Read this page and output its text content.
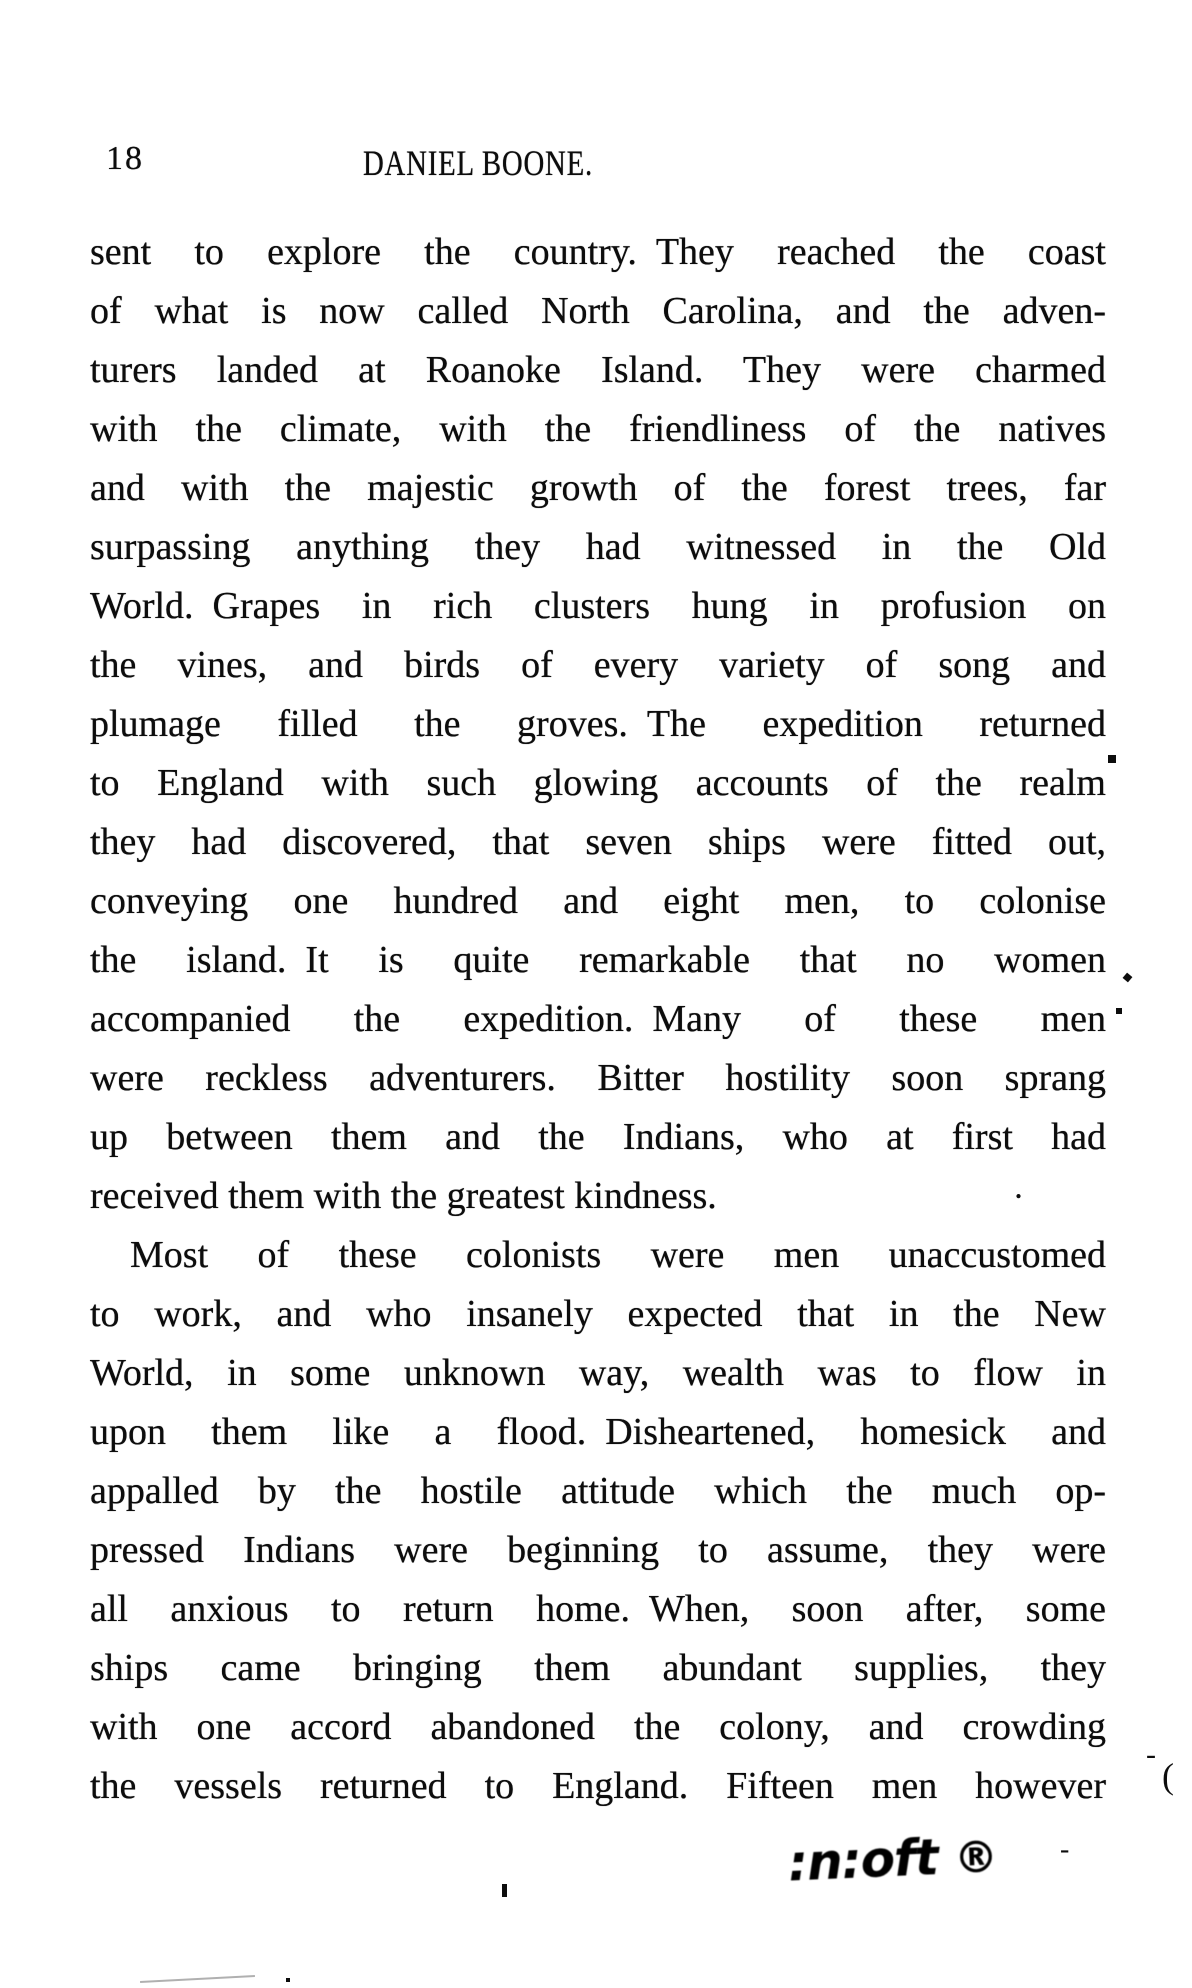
18	DANIEL BOONE.
sent to explore the country. They reached the coast
of what is now called North Carolina, and the adven-
turers landed at Roanoke Island. They were charmed
with the climate, with the friendliness of the natives
and with the majestic growth of the forest trees, far
surpassing anything they had witnessed in the Old
World. Grapes in rich clusters hung in profusion on
the vines, and birds of every variety of song and
plumage filled the groves. The expedition returned
to England with such glowing accounts of the realm
they had discovered, that seven ships were fitted out,
conveying one hundred and eight men, to colonise
the island. It is quite remarkable that no women
accompanied the expedition. Many of these men
were reckless adventurers. Bitter hostility soon sprang
up between them and the Indians, who at first had
received them with the greatest kindness.
Most of these colonists were men unaccustomed
to work, and who insanely expected that in the New
World, in some unknown way, wealth was to flow in
upon them like a flood. Disheartened, homesick and
appalled by the hostile attitude which the much op-
pressed Indians were beginning to assume, they were
all anxious to return home. When, soon after, some
ships came bringing them abundant supplies, they
with one accord abandoned the colony, and crowding
the vessels returned to England. Fifteen men however
:n:oft ®
.
-
(
-
